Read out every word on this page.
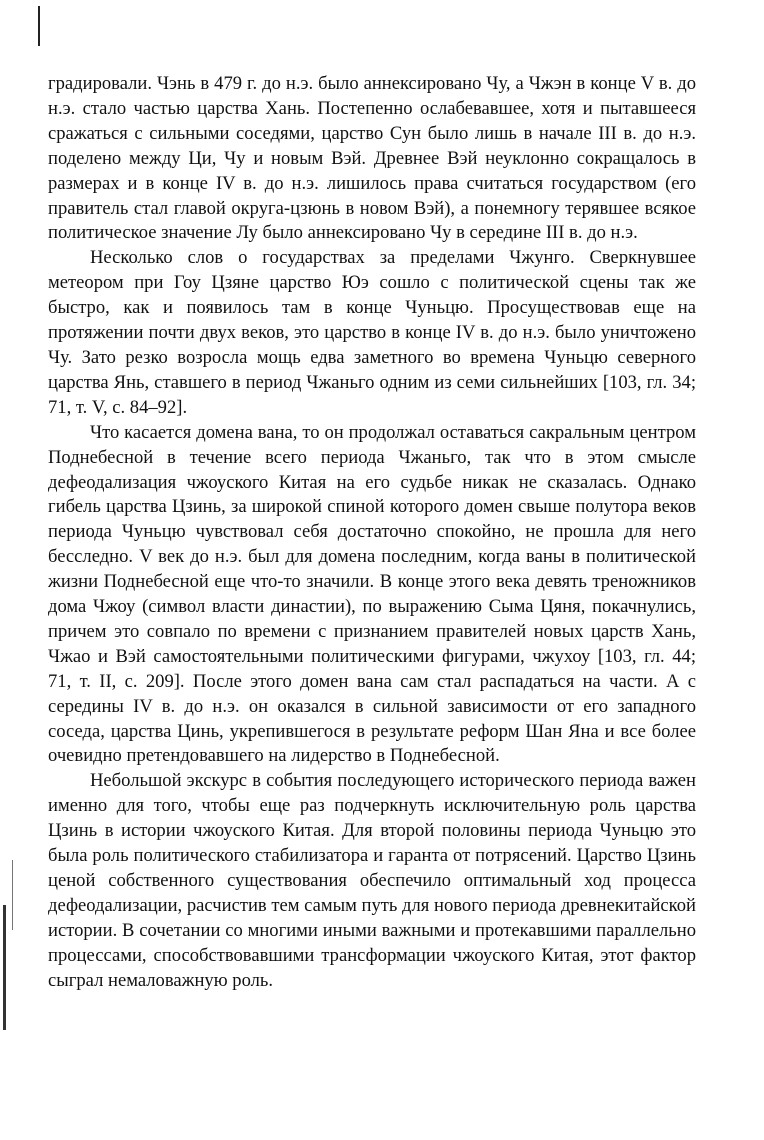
градировали. Чэнь в 479 г. до н.э. было аннексировано Чу, а Чжэн в конце V в. до н.э. стало частью царства Хань. Постепенно ослабевавшее, хотя и пытавшееся сражаться с сильными соседями, царство Сун было лишь в начале III в. до н.э. поделено между Ци, Чу и новым Вэй. Древнее Вэй неуклонно сокращалось в размерах и в конце IV в. до н.э. лишилось права считаться государством (его правитель стал главой округа-цзюнь в новом Вэй), а понемногу терявшее всякое политическое значение Лу было аннексировано Чу в середине III в. до н.э.

Несколько слов о государствах за пределами Чжунго. Сверкнувшее метеором при Гоу Цзяне царство Юэ сошло с политической сцены так же быстро, как и появилось там в конце Чуньцю. Просуществовав еще на протяжении почти двух веков, это царство в конце IV в. до н.э. было уничтожено Чу. Зато резко возросла мощь едва заметного во времена Чуньцю северного царства Янь, ставшего в период Чжаньго одним из семи сильнейших [103, гл. 34; 71, т. V, с. 84–92].

Что касается домена вана, то он продолжал оставаться сакральным центром Поднебесной в течение всего периода Чжаньго, так что в этом смысле дефеодализация чжоуского Китая на его судьбе никак не сказалась. Однако гибель царства Цзинь, за широкой спиной которого домен свыше полутора веков периода Чуньцю чувствовал себя достаточно спокойно, не прошла для него бесследно. V век до н.э. был для домена последним, когда ваны в политической жизни Поднебесной еще что-то значили. В конце этого века девять треножников дома Чжоу (символ власти династии), по выражению Сыма Цяня, покачнулись, причем это совпало по времени с признанием правителей новых царств Хань, Чжао и Вэй самостоятельными политическими фигурами, чжухоу [103, гл. 44; 71, т. II, с. 209]. После этого домен вана сам стал распадаться на части. А с середины IV в. до н.э. он оказался в сильной зависимости от его западного соседа, царства Цинь, укрепившегося в результате реформ Шан Яна и все более очевидно претендовавшего на лидерство в Поднебесной.

Небольшой экскурс в события последующего исторического периода важен именно для того, чтобы еще раз подчеркнуть исключительную роль царства Цзинь в истории чжоуского Китая. Для второй половины периода Чуньцю это была роль политического стабилизатора и гаранта от потрясений. Царство Цзинь ценой собственного существования обеспечило оптимальный ход процесса дефеодализации, расчистив тем самым путь для нового периода древнекитайской истории. В сочетании со многими иными важными и протекавшими параллельно процессами, способствовавшими трансформации чжоуского Китая, этот фактор сыграл немаловажную роль.
